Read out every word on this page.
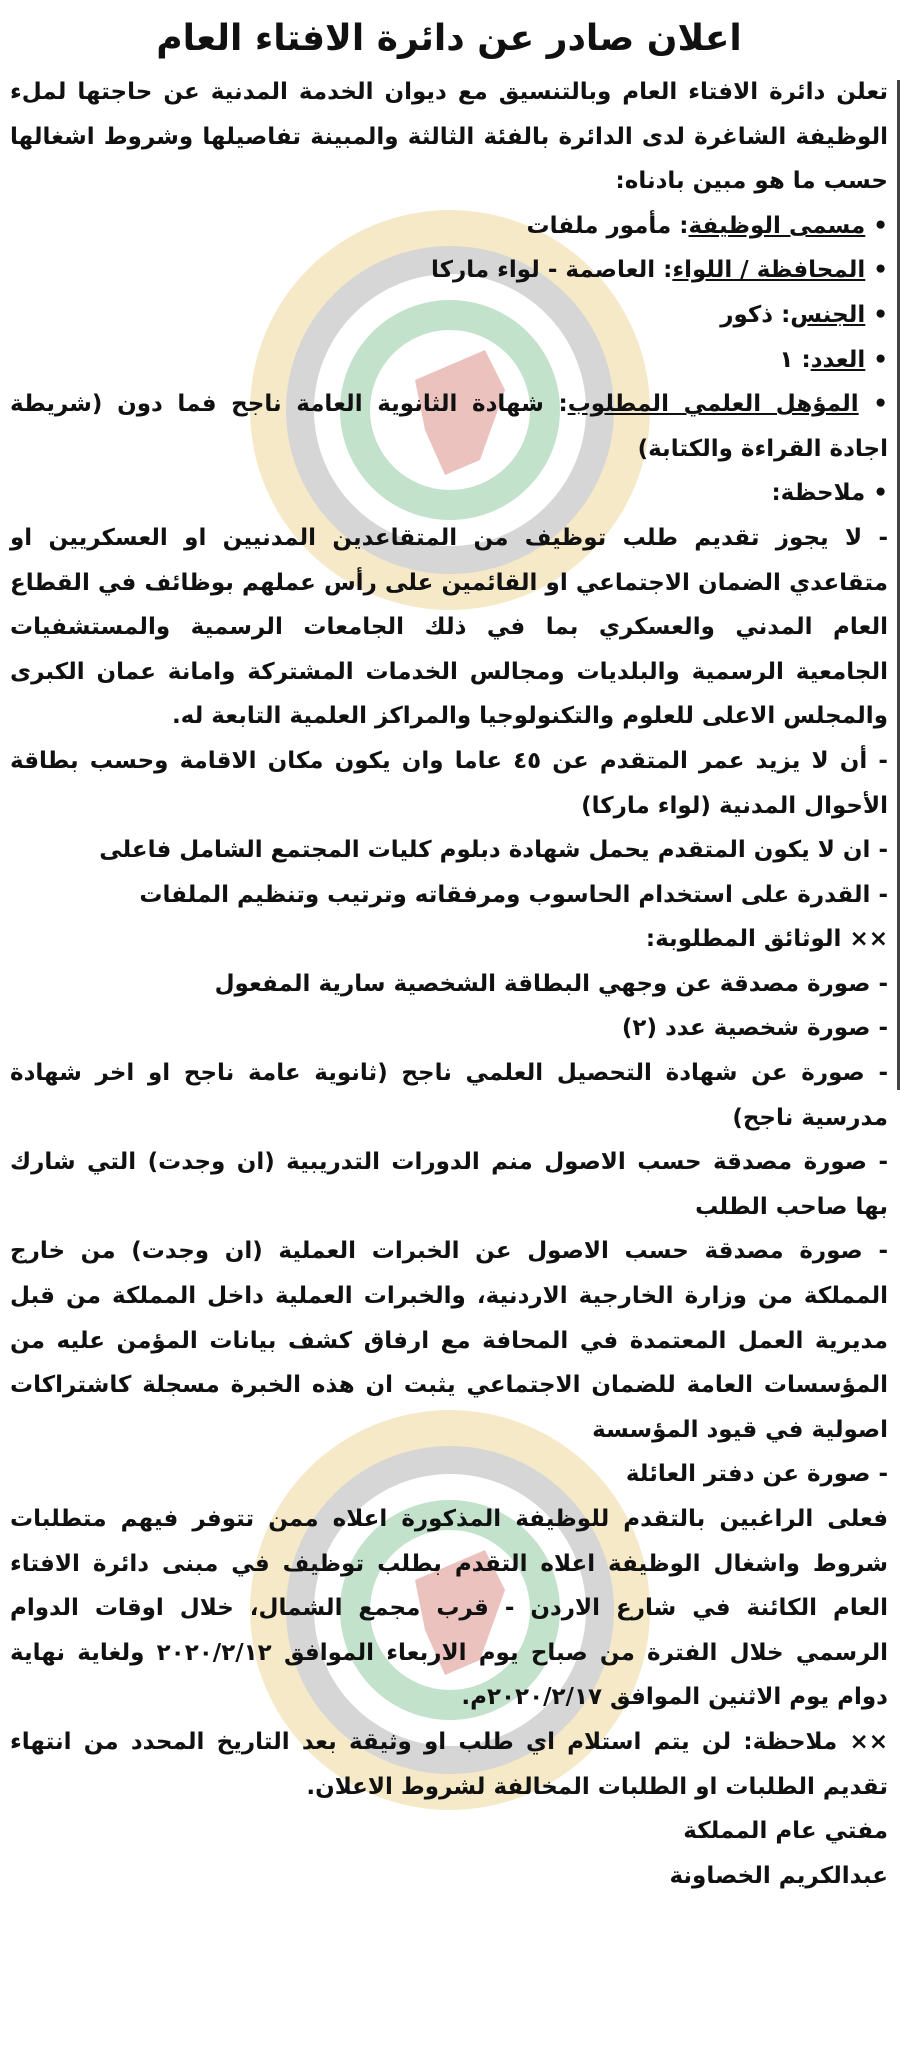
اعلان صادر عن دائرة الافتاء العام

تعلن دائرة الافتاء العام وبالتنسيق مع ديوان الخدمة المدنية عن حاجتها لملء الوظيفة الشاغرة لدى الدائرة بالفئة الثالثة والمبينة تفاصيلها وشروط اشغالها حسب ما هو مبين بادناه:

• مسمى الوظيفة: مأمور ملفات
• المحافظة / اللواء: العاصمة - لواء ماركا
• الجنس: ذكور
• العدد: ١
• المؤهل العلمي المطلوب: شهادة الثانوية العامة ناجح فما دون (شريطة اجادة القراءة والكتابة)
• ملاحظة:

- لا يجوز تقديم طلب توظيف من المتقاعدين المدنيين او العسكريين او متقاعدي الضمان الاجتماعي او القائمين على رأس عملهم بوظائف في القطاع العام المدني والعسكري بما في ذلك الجامعات الرسمية والمستشفيات الجامعية الرسمية والبلديات ومجالس الخدمات المشتركة وامانة عمان الكبرى والمجلس الاعلى للعلوم والتكنولوجيا والمراكز العلمية التابعة له.

- أن لا يزيد عمر المتقدم عن ٤٥ عاما وان يكون مكان الاقامة وحسب بطاقة الأحوال المدنية (لواء ماركا)

- ان لا يكون المتقدم يحمل شهادة دبلوم كليات المجتمع الشامل فاعلى

- القدرة على استخدام الحاسوب ومرفقاته وترتيب وتنظيم الملفات

×× الوثائق المطلوبة:

- صورة مصدقة عن وجهي البطاقة الشخصية سارية المفعول

- صورة شخصية عدد (٢)

- صورة عن شهادة التحصيل العلمي ناجح (ثانوية عامة ناجح او اخر شهادة مدرسية ناجح)

- صورة مصدقة حسب الاصول منم الدورات التدريبية (ان وجدت) التي شارك بها صاحب الطلب

- صورة مصدقة حسب الاصول عن الخبرات العملية (ان وجدت) من خارج المملكة من وزارة الخارجية الاردنية، والخبرات العملية داخل المملكة من قبل مديرية العمل المعتمدة في المحافة مع ارفاق كشف بيانات المؤمن عليه من المؤسسات العامة للضمان الاجتماعي يثبت ان هذه الخبرة مسجلة كاشتراكات اصولية في قيود المؤسسة

- صورة عن دفتر العائلة

فعلى الراغبين بالتقدم للوظيفة المذكورة اعلاه ممن تتوفر فيهم متطلبات شروط واشغال الوظيفة اعلاه التقدم بطلب توظيف في مبنى دائرة الافتاء العام الكائنة في شارع الاردن - قرب مجمع الشمال، خلال اوقات الدوام الرسمي خلال الفترة من صباح يوم الاربعاء الموافق ٢٠٢٠/٢/١٢ ولغاية نهاية دوام يوم الاثنين الموافق ٢٠٢٠/٢/١٧م.

×× ملاحظة: لن يتم استلام اي طلب او وثيقة بعد التاريخ المحدد من انتهاء تقديم الطلبات او الطلبات المخالفة لشروط الاعلان.

مفتي عام المملكة
عبدالكريم الخصاونة
